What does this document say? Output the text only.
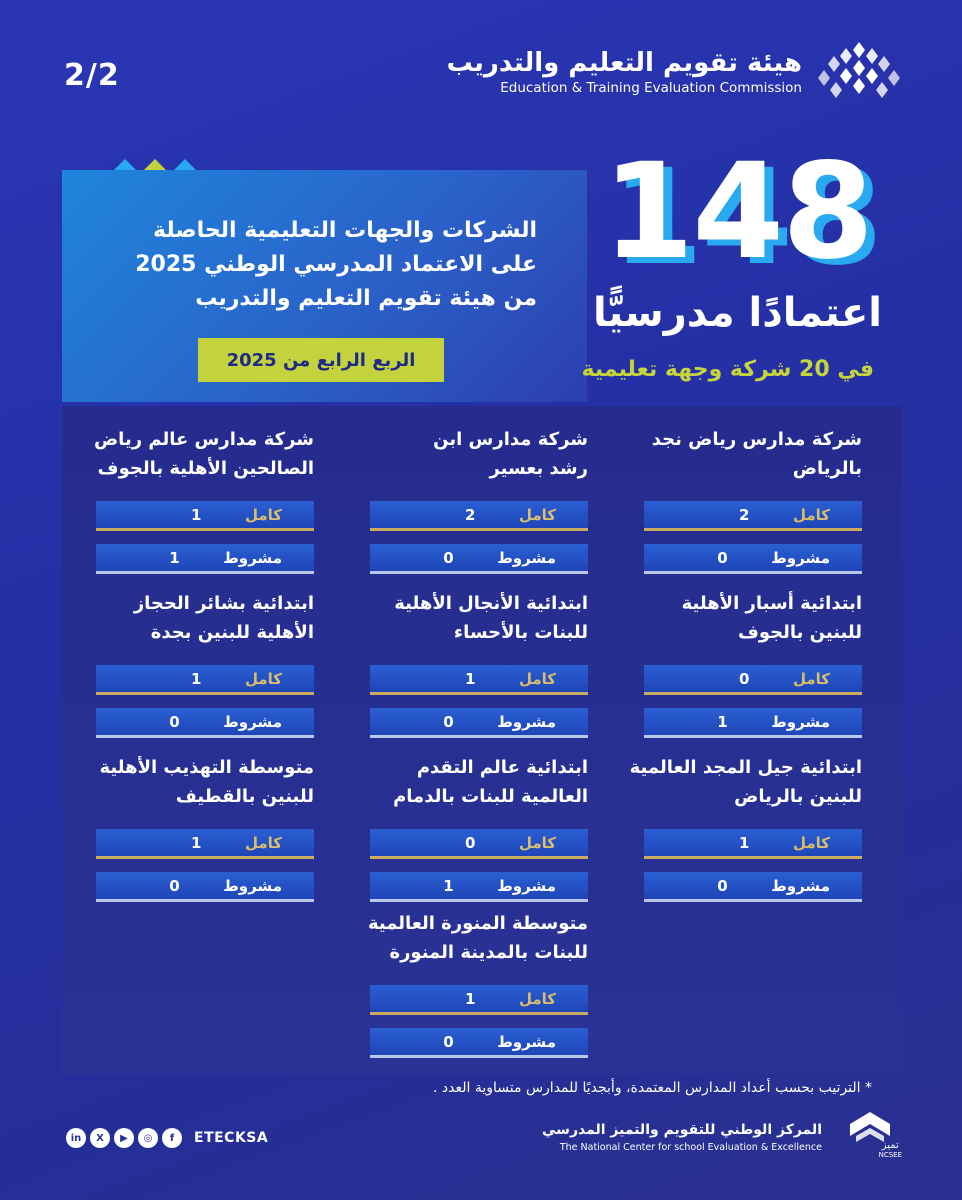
2/2	هيئة تقويم التعليم والتدريب
Education & Training Evaluation Commission
الشركات والجهات التعليمية الحاصلة
على الاعتماد المدرسي الوطني 2025
من هيئة تقويم التعليم والتدريب
الربع الرابع من 2025
148
اعتمادًا مدرسيًّا
في 20 شركة وجهة تعليمية
شركة مدارس رياض نجد
بالرياض
2	كامل
0	مشروط
شركة مدارس ابن
رشد بعسير
2	كامل
0	مشروط
شركة مدارس عالم رياض
الصالحين الأهلية بالجوف
1	كامل
1	مشروط
ابتدائية أسبار الأهلية
للبنين بالجوف
0	كامل
1	مشروط
ابتدائية الأنجال الأهلية
للبنات بالأحساء
1	كامل
0	مشروط
ابتدائية بشائر الحجاز
الأهلية للبنين بجدة
1	كامل
0	مشروط
ابتدائية جيل المجد العالمية
للبنين بالرياض
1	كامل
0	مشروط
ابتدائية عالم التقدم
العالمية للبنات بالدمام
0	كامل
1	مشروط
متوسطة التهذيب الأهلية
للبنين بالقطيف
1	كامل
0	مشروط
متوسطة المنورة العالمية
للبنات بالمدينة المنورة
1	كامل
0	مشروط
* الترتيب بحسب أعداد المدارس المعتمدة، وأبجديًا للمدارس متساوية العدد .
in	X	▶	◎	f	ETECKSA	المركز الوطني للتقويم والتميز المدرسي
The National Center for school Evaluation & Excellence	تميز
NCSEE
